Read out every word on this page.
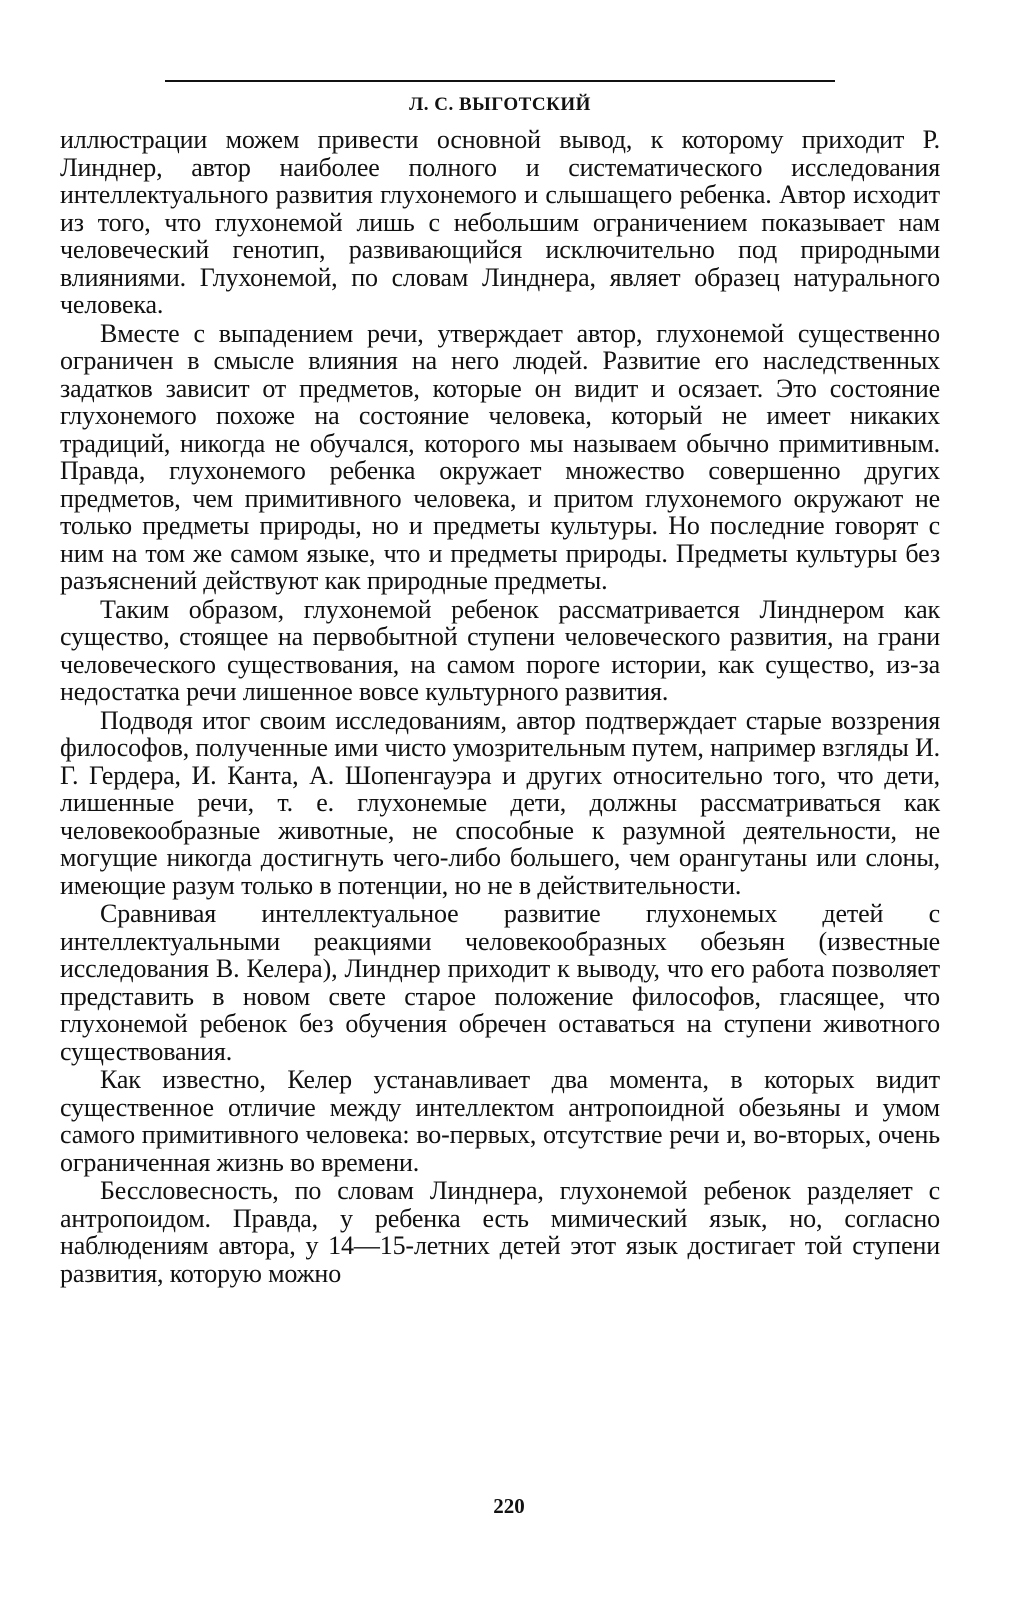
Л. С. ВЫГОТСКИЙ

иллюстрации можем привести основной вывод, к которому приходит Р. Линднер, автор наиболее полного и систематического исследования интеллектуального развития глухонемого и слышащего ребенка. Автор исходит из того, что глухонемой лишь с небольшим ограничением показывает нам человеческий генотип, развивающийся исключительно под природными влияниями. Глухонемой, по словам Линднера, являет образец натурального человека.

Вместе с выпадением речи, утверждает автор, глухонемой существенно ограничен в смысле влияния на него людей. Развитие его наследственных задатков зависит от предметов, которые он видит и осязает. Это состояние глухонемого похоже на состояние человека, который не имеет никаких традиций, никогда не обучался, которого мы называем обычно примитивным. Правда, глухонемого ребенка окружает множество совершенно других предметов, чем примитивного человека, и притом глухонемого окружают не только предметы природы, но и предметы культуры. Но последние говорят с ним на том же самом языке, что и предметы природы. Предметы культуры без разъяснений действуют как природные предметы.

Таким образом, глухонемой ребенок рассматривается Линднером как существо, стоящее на первобытной ступени человеческого развития, на грани человеческого существования, на самом пороге истории, как существо, из-за недостатка речи лишенное вовсе культурного развития.

Подводя итог своим исследованиям, автор подтверждает старые воззрения философов, полученные ими чисто умозрительным путем, например взгляды И. Г. Гердера, И. Канта, А. Шопенгауэра и других относительно того, что дети, лишенные речи, т. е. глухонемые дети, должны рассматриваться как человекообразные животные, не способные к разумной деятельности, не могущие никогда достигнуть чего-либо большего, чем орангутаны или слоны, имеющие разум только в потенции, но не в действительности.

Сравнивая интеллектуальное развитие глухонемых детей с интеллектуальными реакциями человекообразных обезьян (известные исследования В. Келера), Линднер приходит к выводу, что его работа позволяет представить в новом свете старое положение философов, гласящее, что глухонемой ребенок без обучения обречен оставаться на ступени животного существования.

Как известно, Келер устанавливает два момента, в которых видит существенное отличие между интеллектом антропоидной обезьяны и умом самого примитивного человека: во-первых, отсутствие речи и, во-вторых, очень ограниченная жизнь во времени.

Бессловесность, по словам Линднера, глухонемой ребенок разделяет с антропоидом. Правда, у ребенка есть мимический язык, но, согласно наблюдениям автора, у 14—15-летних детей этот язык достигает той ступени развития, которую можно

220
